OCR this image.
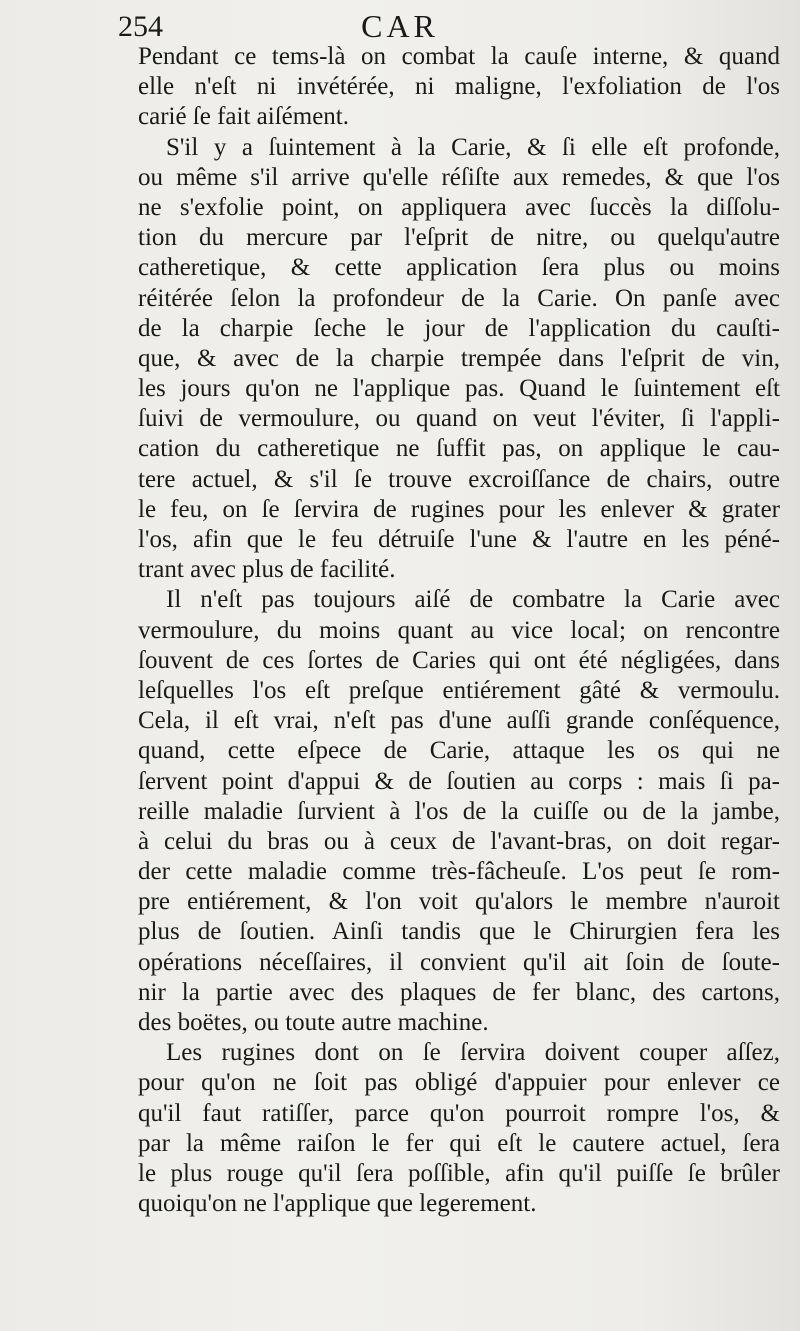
254	CAR
Pendant ce tems-là on combat la cauſe interne, & quand
elle n'eſt ni invétérée, ni maligne, l'exfoliation de l'os
carié ſe fait aiſément.
S'il y a ſuintement à la Carie, & ſi elle eſt profonde,
ou même s'il arrive qu'elle réſiſte aux remedes, & que l'os
ne s'exfolie point, on appliquera avec ſuccès la diſſolu-
tion du mercure par l'eſprit de nitre, ou quelqu'autre
catheretique, & cette application ſera plus ou moins
réitérée ſelon la profondeur de la Carie. On panſe avec
de la charpie ſeche le jour de l'application du cauſti-
que, & avec de la charpie trempée dans l'eſprit de vin,
les jours qu'on ne l'applique pas. Quand le ſuintement eſt
ſuivi de vermoulure, ou quand on veut l'éviter, ſi l'appli-
cation du catheretique ne ſuffit pas, on applique le cau-
tere actuel, & s'il ſe trouve excroiſſance de chairs, outre
le feu, on ſe ſervira de rugines pour les enlever & grater
l'os, afin que le feu détruiſe l'une & l'autre en les péné-
trant avec plus de facilité.
Il n'eſt pas toujours aiſé de combatre la Carie avec
vermoulure, du moins quant au vice local; on rencontre
ſouvent de ces ſortes de Caries qui ont été négligées, dans
leſquelles l'os eſt preſque entiérement gâté & vermoulu.
Cela, il eſt vrai, n'eſt pas d'une auſſi grande conſéquence,
quand, cette eſpece de Carie, attaque les os qui ne
ſervent point d'appui & de ſoutien au corps : mais ſi pa-
reille maladie ſurvient à l'os de la cuiſſe ou de la jambe,
à celui du bras ou à ceux de l'avant-bras, on doit regar-
der cette maladie comme très-fâcheuſe. L'os peut ſe rom-
pre entiérement, & l'on voit qu'alors le membre n'auroit
plus de ſoutien. Ainſi tandis que le Chirurgien fera les
opérations néceſſaires, il convient qu'il ait ſoin de ſoute-
nir la partie avec des plaques de fer blanc, des cartons,
des boëtes, ou toute autre machine.
Les rugines dont on ſe ſervira doivent couper aſſez,
pour qu'on ne ſoit pas obligé d'appuier pour enlever ce
qu'il faut ratiſſer, parce qu'on pourroit rompre l'os, &
par la même raiſon le fer qui eſt le cautere actuel, ſera
le plus rouge qu'il ſera poſſible, afin qu'il puiſſe ſe brûler
quoiqu'on ne l'applique que legerement.
